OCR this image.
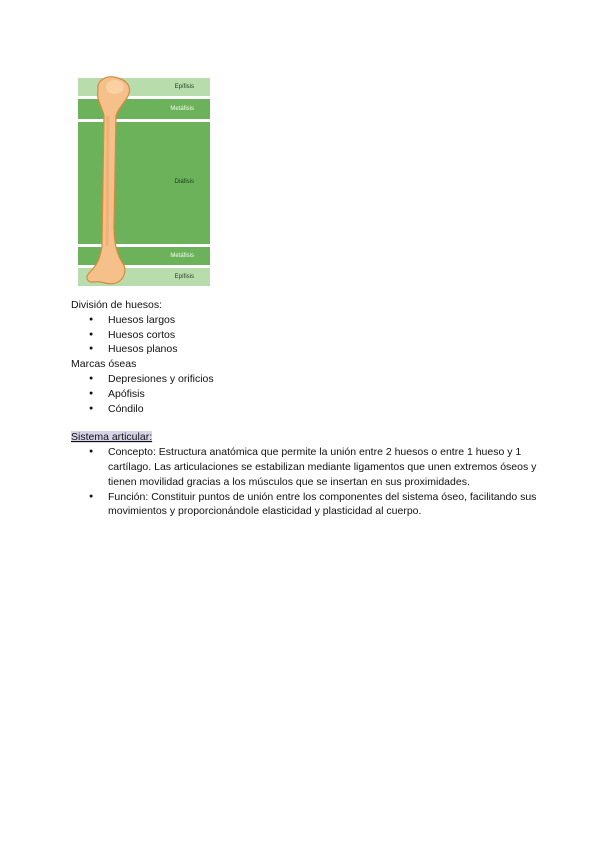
Epífisis
Metáfisis
Diáfisis
Metáfisis
Epífisis
División de huesos:
● Huesos largos
● Huesos cortos
● Huesos planos
Marcas óseas
● Depresiones y orificios
● Apófisis
● Cóndilo
Sistema articular:
● Concepto: Estructura anatómica que permite la unión entre 2 huesos o entre 1 hueso y 1 cartílago. Las articulaciones se estabilizan mediante ligamentos que unen extremos óseos y tienen movilidad gracias a los músculos que se insertan en sus proximidades.
● Función: Constituir puntos de unión entre los componentes del sistema óseo, facilitando sus movimientos y proporcionándole elasticidad y plasticidad al cuerpo.
